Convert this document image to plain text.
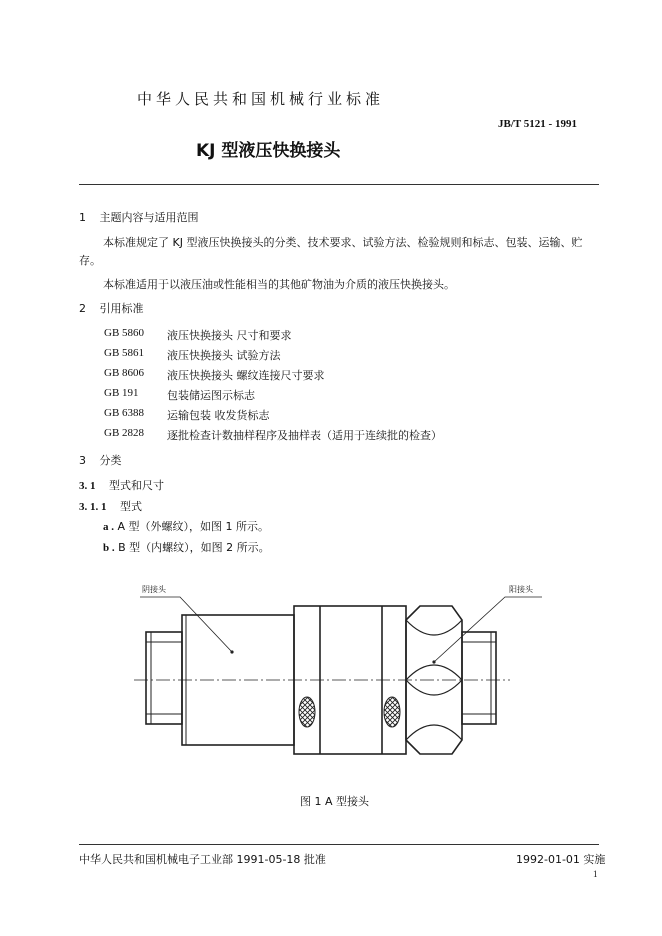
中华人民共和国机械行业标准
JB/T 5121 - 1991
KJ 型液压快换接头
1 主题内容与适用范围
本标准规定了 KJ 型液压快换接头的分类、技术要求、试验方法、检验规则和标志、包装、运输、贮存。
本标准适用于以液压油或性能相当的其他矿物油为介质的液压快换接头。
2 引用标准
GB 5860 液压快换接头 尺寸和要求
GB 5861 液压快换接头 试验方法
GB 8606 液压快换接头 螺纹连接尺寸要求
GB 191	包装储运图示标志
GB 6388 运输包装 收发货标志
GB 2828 逐批检查计数抽样程序及抽样表（适用于连续批的检查）
3 分类
3. 1 型式和尺寸
3. 1. 1 型式
a . A 型（外螺纹），如图 1 所示。
b . B 型（内螺纹），如图 2 所示。
阴接头	阳接头
图 1 A 型接头
中华人民共和国机械电子工业部 1991-05-18 批准	1992-01-01 实施
1
